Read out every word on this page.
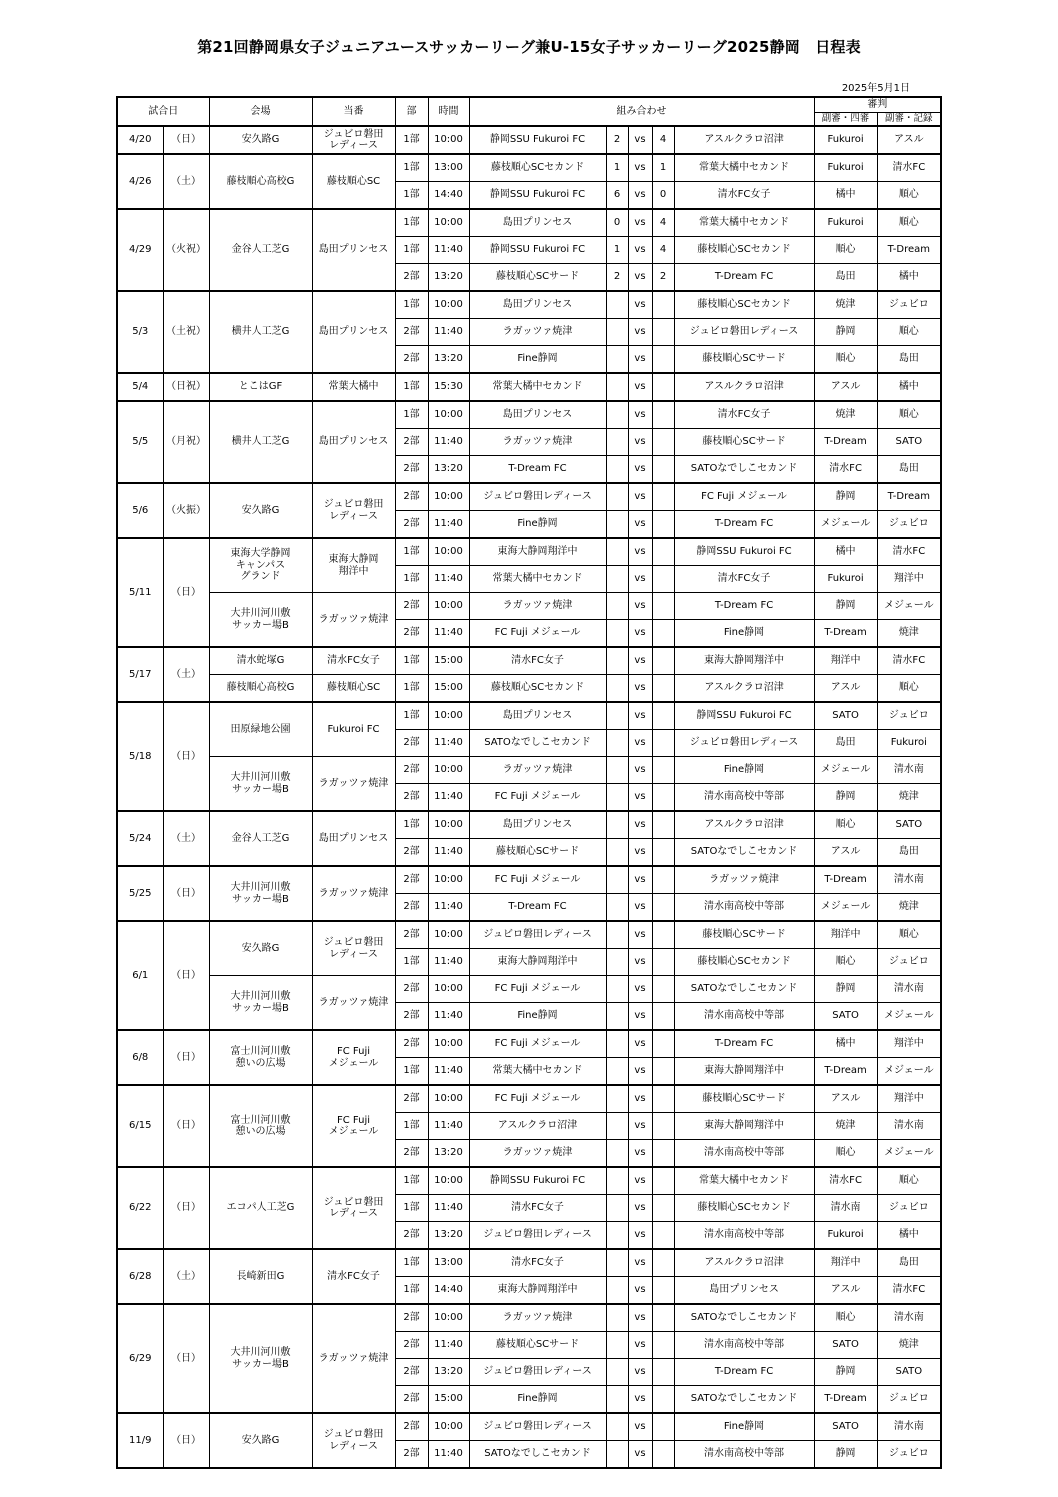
第21回静岡県女子ジュニアユースサッカーリーグ兼U-15女子サッカーリーグ2025静岡　日程表
2025年5月1日
試合日		会場	当番	部	時間	組み合わせ					審判	
											副審・四審	副審・記録
4/20	（日）	安久路G	ジュビロ磐田
レディース	1部	10:00	静岡SSU Fukuroi FC	2	vs	4	アスルクラロ沼津	Fukuroi	アスル
4/26	（土）	藤枝順心高校G	藤枝順心SC	1部	13:00	藤枝順心SCセカンド	1	vs	1	常葉大橘中セカンド	Fukuroi	清水FC
				1部	14:40	静岡SSU Fukuroi FC	6	vs	0	清水FC女子	橘中	順心
4/29	（火祝）	金谷人工芝G	島田プリンセス	1部	10:00	島田プリンセス	0	vs	4	常葉大橘中セカンド	Fukuroi	順心
				1部	11:40	静岡SSU Fukuroi FC	1	vs	4	藤枝順心SCセカンド	順心	T-Dream
				2部	13:20	藤枝順心SCサード	2	vs	2	T-Dream FC	島田	橘中
5/3	（土祝）	横井人工芝G	島田プリンセス	1部	10:00	島田プリンセス		vs		藤枝順心SCセカンド	焼津	ジュビロ
				2部	11:40	ラガッツァ焼津		vs		ジュビロ磐田レディース	静岡	順心
				2部	13:20	Fine静岡		vs		藤枝順心SCサード	順心	島田
5/4	（日祝）	とこはGF	常葉大橘中	1部	15:30	常葉大橘中セカンド		vs		アスルクラロ沼津	アスル	橘中
5/5	（月祝）	横井人工芝G	島田プリンセス	1部	10:00	島田プリンセス		vs		清水FC女子	焼津	順心
				2部	11:40	ラガッツァ焼津		vs		藤枝順心SCサード	T-Dream	SATO
				2部	13:20	T-Dream FC		vs		SATOなでしこセカンド	清水FC	島田
5/6	（火振）	安久路G	ジュビロ磐田
レディース	2部	10:00	ジュビロ磐田レディース		vs		FC Fuji メジェール	静岡	T-Dream
				2部	11:40	Fine静岡		vs		T-Dream FC	メジェール	ジュビロ
5/11	（日）	東海大学静岡
キャンパス
グランド	東海大静岡
翔洋中	1部	10:00	東海大静岡翔洋中		vs		静岡SSU Fukuroi FC	橘中	清水FC
				1部	11:40	常葉大橘中セカンド		vs		清水FC女子	Fukuroi	翔洋中
		大井川河川敷
サッカー場B	ラガッツァ焼津	2部	10:00	ラガッツァ焼津		vs		T-Dream FC	静岡	メジェール
				2部	11:40	FC Fuji メジェール		vs		Fine静岡	T-Dream	焼津
5/17	（土）	清水蛇塚G	清水FC女子	1部	15:00	清水FC女子		vs		東海大静岡翔洋中	翔洋中	清水FC
		藤枝順心高校G	藤枝順心SC	1部	15:00	藤枝順心SCセカンド		vs		アスルクラロ沼津	アスル	順心
5/18	（日）	田原緑地公園	Fukuroi FC	1部	10:00	島田プリンセス		vs		静岡SSU Fukuroi FC	SATO	ジュビロ
				2部	11:40	SATOなでしこセカンド		vs		ジュビロ磐田レディース	島田	Fukuroi
		大井川河川敷
サッカー場B	ラガッツァ焼津	2部	10:00	ラガッツァ焼津		vs		Fine静岡	メジェール	清水南
				2部	11:40	FC Fuji メジェール		vs		清水南高校中等部	静岡	焼津
5/24	（土）	金谷人工芝G	島田プリンセス	1部	10:00	島田プリンセス		vs		アスルクラロ沼津	順心	SATO
				2部	11:40	藤枝順心SCサード		vs		SATOなでしこセカンド	アスル	島田
5/25	（日）	大井川河川敷
サッカー場B	ラガッツァ焼津	2部	10:00	FC Fuji メジェール		vs		ラガッツァ焼津	T-Dream	清水南
				2部	11:40	T-Dream FC		vs		清水南高校中等部	メジェール	焼津
6/1	（日）	安久路G	ジュビロ磐田
レディース	2部	10:00	ジュビロ磐田レディース		vs		藤枝順心SCサード	翔洋中	順心
				1部	11:40	東海大静岡翔洋中		vs		藤枝順心SCセカンド	順心	ジュビロ
		大井川河川敷
サッカー場B	ラガッツァ焼津	2部	10:00	FC Fuji メジェール		vs		SATOなでしこセカンド	静岡	清水南
				2部	11:40	Fine静岡		vs		清水南高校中等部	SATO	メジェール
6/8	（日）	富士川河川敷
憩いの広場	FC Fuji
メジェール	2部	10:00	FC Fuji メジェール		vs		T-Dream FC	橘中	翔洋中
				1部	11:40	常葉大橘中セカンド		vs		東海大静岡翔洋中	T-Dream	メジェール
6/15	（日）	富士川河川敷
憩いの広場	FC Fuji
メジェール	2部	10:00	FC Fuji メジェール		vs		藤枝順心SCサード	アスル	翔洋中
				1部	11:40	アスルクラロ沼津		vs		東海大静岡翔洋中	焼津	清水南
				2部	13:20	ラガッツァ焼津		vs		清水南高校中等部	順心	メジェール
6/22	（日）	エコパ人工芝G	ジュビロ磐田
レディース	1部	10:00	静岡SSU Fukuroi FC		vs		常葉大橘中セカンド	清水FC	順心
				1部	11:40	清水FC女子		vs		藤枝順心SCセカンド	清水南	ジュビロ
				2部	13:20	ジュビロ磐田レディース		vs		清水南高校中等部	Fukuroi	橘中
6/28	（土）	長崎新田G	清水FC女子	1部	13:00	清水FC女子		vs		アスルクラロ沼津	翔洋中	島田
				1部	14:40	東海大静岡翔洋中		vs		島田プリンセス	アスル	清水FC
6/29	（日）	大井川河川敷
サッカー場B	ラガッツァ焼津	2部	10:00	ラガッツァ焼津		vs		SATOなでしこセカンド	順心	清水南
				2部	11:40	藤枝順心SCサード		vs		清水南高校中等部	SATO	焼津
				2部	13:20	ジュビロ磐田レディース		vs		T-Dream FC	静岡	SATO
				2部	15:00	Fine静岡		vs		SATOなでしこセカンド	T-Dream	ジュビロ
11/9	（日）	安久路G	ジュビロ磐田
レディース	2部	10:00	ジュビロ磐田レディース		vs		Fine静岡	SATO	清水南
				2部	11:40	SATOなでしこセカンド		vs		清水南高校中等部	静岡	ジュビロ
